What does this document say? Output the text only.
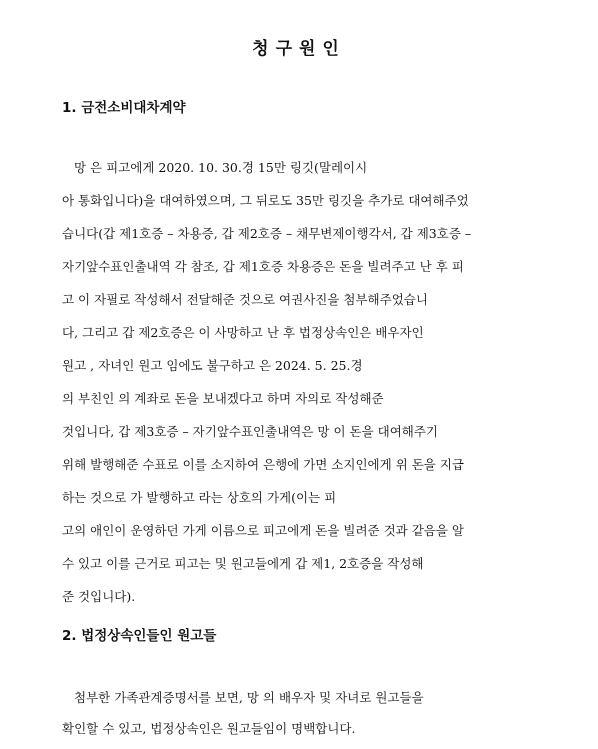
청구원인
1. 금전소비대차계약
망 은 피고에게 2020. 10. 30.경 15만 링깃(말레이시
아 통화입니다)을 대여하였으며, 그 뒤로도 35만 링깃을 추가로 대여해주었
습니다(갑 제1호증 – 차용증, 갑 제2호증 – 채무변제이행각서, 갑 제3호증 –
자기앞수표인출내역 각 참조, 갑 제1호증 차용증은 돈을 빌려주고 난 후 피
고 이 자필로 작성해서 전달해준 것으로 여권사진을 첨부해주었습니
다, 그리고 갑 제2호증은 이 사망하고 난 후 법정상속인은 배우자인
원고 , 자녀인 원고 임에도 불구하고 은 2024. 5. 25.경
의 부친인 의 계좌로 돈을 보내겠다고 하며 자의로 작성해준
것입니다, 갑 제3호증 – 자기앞수표인출내역은 망 이 돈을 대여해주기
위해 발행해준 수표로 이를 소지하여 은행에 가면 소지인에게 위 돈을 지급
하는 것으로 가 발행하고 라는 상호의 가게(이는 피
고의 애인이 운영하던 가게 이름으로 피고에게 돈을 빌려준 것과 같음을 알
수 있고 이를 근거로 피고는 및 원고들에게 갑 제1, 2호증을 작성해
준 것입니다).
2. 법정상속인들인 원고들
첨부한 가족관계증명서를 보면, 망 의 배우자 및 자녀로 원고들을
확인할 수 있고, 법정상속인은 원고들임이 명백합니다.
